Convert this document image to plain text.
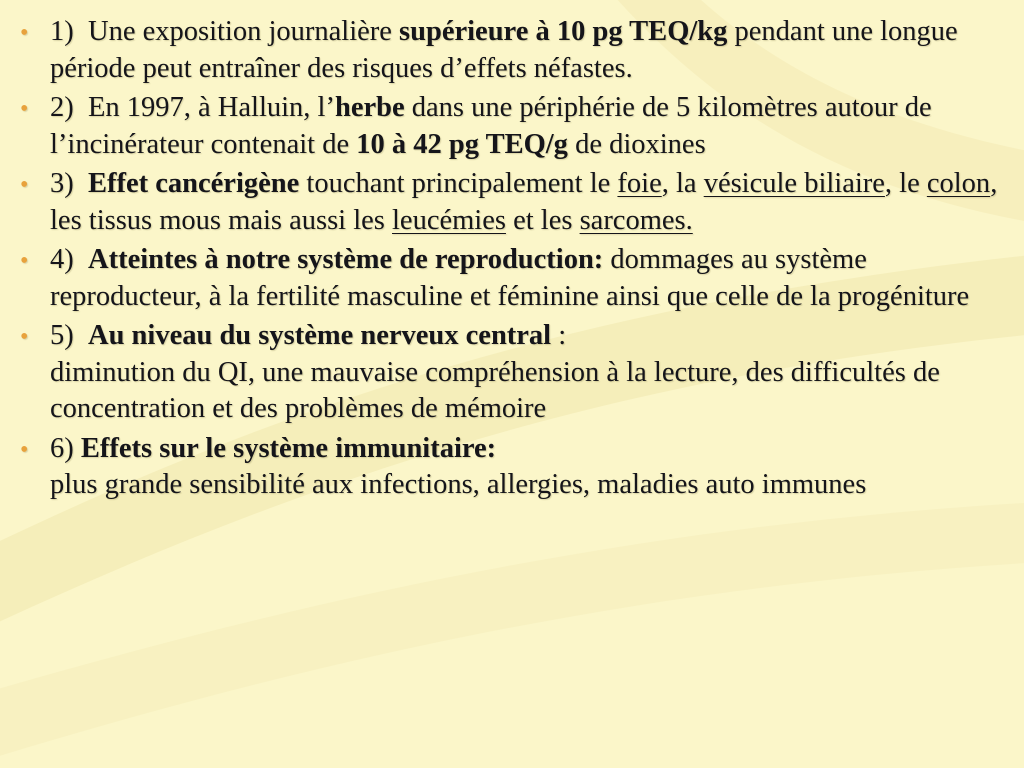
• 1) Une exposition journalière supérieure à 10 pg TEQ/kg pendant une longue période peut entraîner des risques d’effets néfastes.
• 2) En 1997, à Halluin, l’herbe dans une périphérie de 5 kilomètres autour de l’incinérateur contenait de 10 à 42 pg TEQ/g de dioxines
• 3) Effet cancérigène touchant principalement le foie, la vésicule biliaire, le colon, les tissus mous mais aussi les leucémies et les sarcomes.
• 4) Atteintes à notre système de reproduction: dommages au système reproducteur, à la fertilité masculine et féminine ainsi que celle de la progéniture
• 5) Au niveau du système nerveux central :
diminution du QI, une mauvaise compréhension à la lecture, des difficultés de concentration et des problèmes de mémoire
• 6) Effets sur le système immunitaire:
plus grande sensibilité aux infections, allergies, maladies auto immunes
